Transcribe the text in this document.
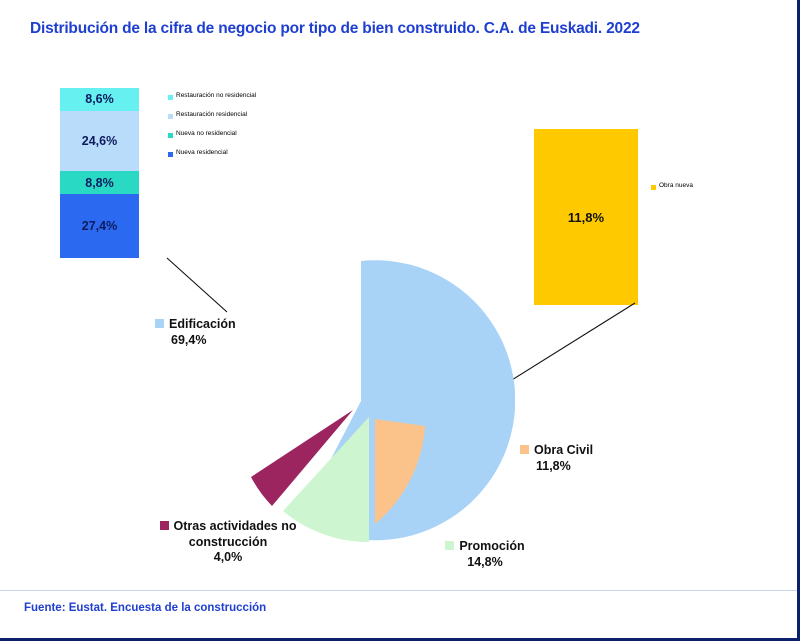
Distribución de la cifra de negocio por tipo de bien construido. C.A. de Euskadi. 2022
8,6%
24,6%
8,8%
27,4%
Restauración no residencial
Restauración residencial
Nueva no residencial
Nueva residencial
11,8%
Obra nueva
Edificación
69,4%
Obra Civil
11,8%
Promoción
14,8%
Otras actividades no construcción
4,0%
Fuente: Eustat. Encuesta de la construcción
